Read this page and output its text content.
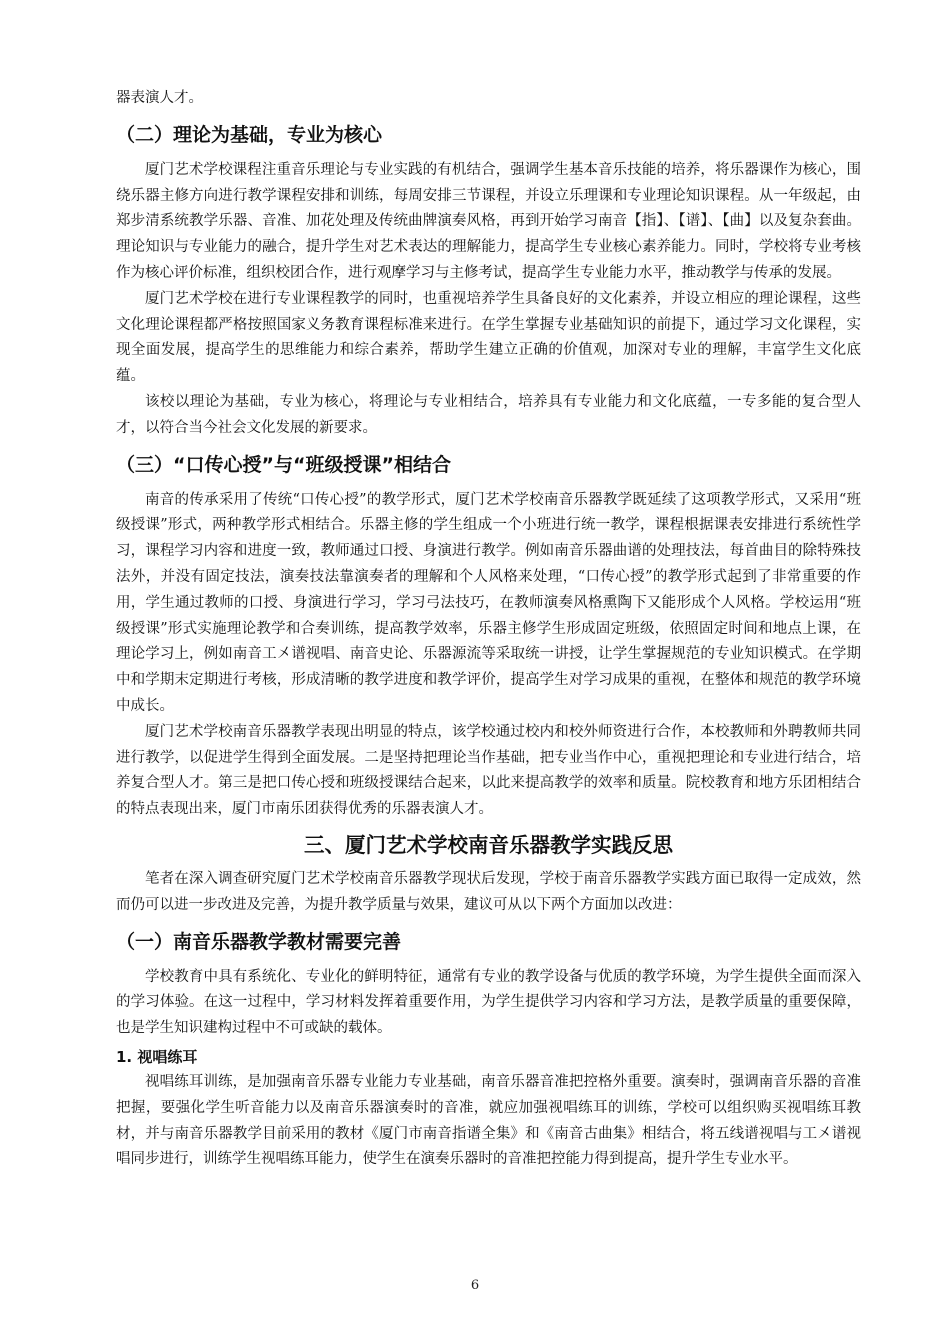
器表演人才。

（二）理论为基础，专业为核心

厦门艺术学校课程注重音乐理论与专业实践的有机结合，强调学生基本音乐技能的培养，将乐器课作为核心，围绕乐器主修方向进行教学课程安排和训练，每周安排三节课程，并设立乐理课和专业理论知识课程。从一年级起，由郑步清系统教学乐器、音准、加花处理及传统曲牌演奏风格，再到开始学习南音【指】、【谱】、【曲】以及复杂套曲。理论知识与专业能力的融合，提升学生对艺术表达的理解能力，提高学生专业核心素养能力。同时，学校将专业考核作为核心评价标准，组织校团合作，进行观摩学习与主修考试，提高学生专业能力水平，推动教学与传承的发展。

厦门艺术学校在进行专业课程教学的同时，也重视培养学生具备良好的文化素养，并设立相应的理论课程，这些文化理论课程都严格按照国家义务教育课程标准来进行。在学生掌握专业基础知识的前提下，通过学习文化课程，实现全面发展，提高学生的思维能力和综合素养，帮助学生建立正确的价值观，加深对专业的理解，丰富学生文化底蕴。

该校以理论为基础，专业为核心，将理论与专业相结合，培养具有专业能力和文化底蕴，一专多能的复合型人才，以符合当今社会文化发展的新要求。

（三）“口传心授”与“班级授课”相结合

南音的传承采用了传统“口传心授”的教学形式，厦门艺术学校南音乐器教学既延续了这项教学形式，又采用“班级授课”形式，两种教学形式相结合。乐器主修的学生组成一个小班进行统一教学，课程根据课表安排进行系统性学习，课程学习内容和进度一致，教师通过口授、身演进行教学。例如南音乐器曲谱的处理技法，每首曲目的除特殊技法外，并没有固定技法，演奏技法靠演奏者的理解和个人风格来处理，“口传心授”的教学形式起到了非常重要的作用，学生通过教师的口授、身演进行学习，学习弓法技巧，在教师演奏风格熏陶下又能形成个人风格。学校运用“班级授课”形式实施理论教学和合奏训练，提高教学效率，乐器主修学生形成固定班级，依照固定时间和地点上课，在理论学习上，例如南音工㐅谱视唱、南音史论、乐器源流等采取统一讲授，让学生掌握规范的专业知识模式。在学期中和学期末定期进行考核，形成清晰的教学进度和教学评价，提高学生对学习成果的重视，在整体和规范的教学环境中成长。

厦门艺术学校南音乐器教学表现出明显的特点，该学校通过校内和校外师资进行合作，本校教师和外聘教师共同进行教学，以促进学生得到全面发展。二是坚持把理论当作基础，把专业当作中心，重视把理论和专业进行结合，培养复合型人才。第三是把口传心授和班级授课结合起来，以此来提高教学的效率和质量。院校教育和地方乐团相结合的特点表现出来，厦门市南乐团获得优秀的乐器表演人才。

三、厦门艺术学校南音乐器教学实践反思

笔者在深入调查研究厦门艺术学校南音乐器教学现状后发现，学校于南音乐器教学实践方面已取得一定成效，然而仍可以进一步改进及完善，为提升教学质量与效果，建议可从以下两个方面加以改进：

（一）南音乐器教学教材需要完善

学校教育中具有系统化、专业化的鲜明特征，通常有专业的教学设备与优质的教学环境，为学生提供全面而深入的学习体验。在这一过程中，学习材料发挥着重要作用，为学生提供学习内容和学习方法，是教学质量的重要保障，也是学生知识建构过程中不可或缺的载体。

1. 视唱练耳

视唱练耳训练，是加强南音乐器专业能力专业基础，南音乐器音准把控格外重要。演奏时，强调南音乐器的音准把握，要强化学生听音能力以及南音乐器演奏时的音准，就应加强视唱练耳的训练，学校可以组织购买视唱练耳教材，并与南音乐器教学目前采用的教材《厦门市南音指谱全集》和《南音古曲集》相结合，将五线谱视唱与工㐅谱视唱同步进行，训练学生视唱练耳能力，使学生在演奏乐器时的音准把控能力得到提高，提升学生专业水平。

6
